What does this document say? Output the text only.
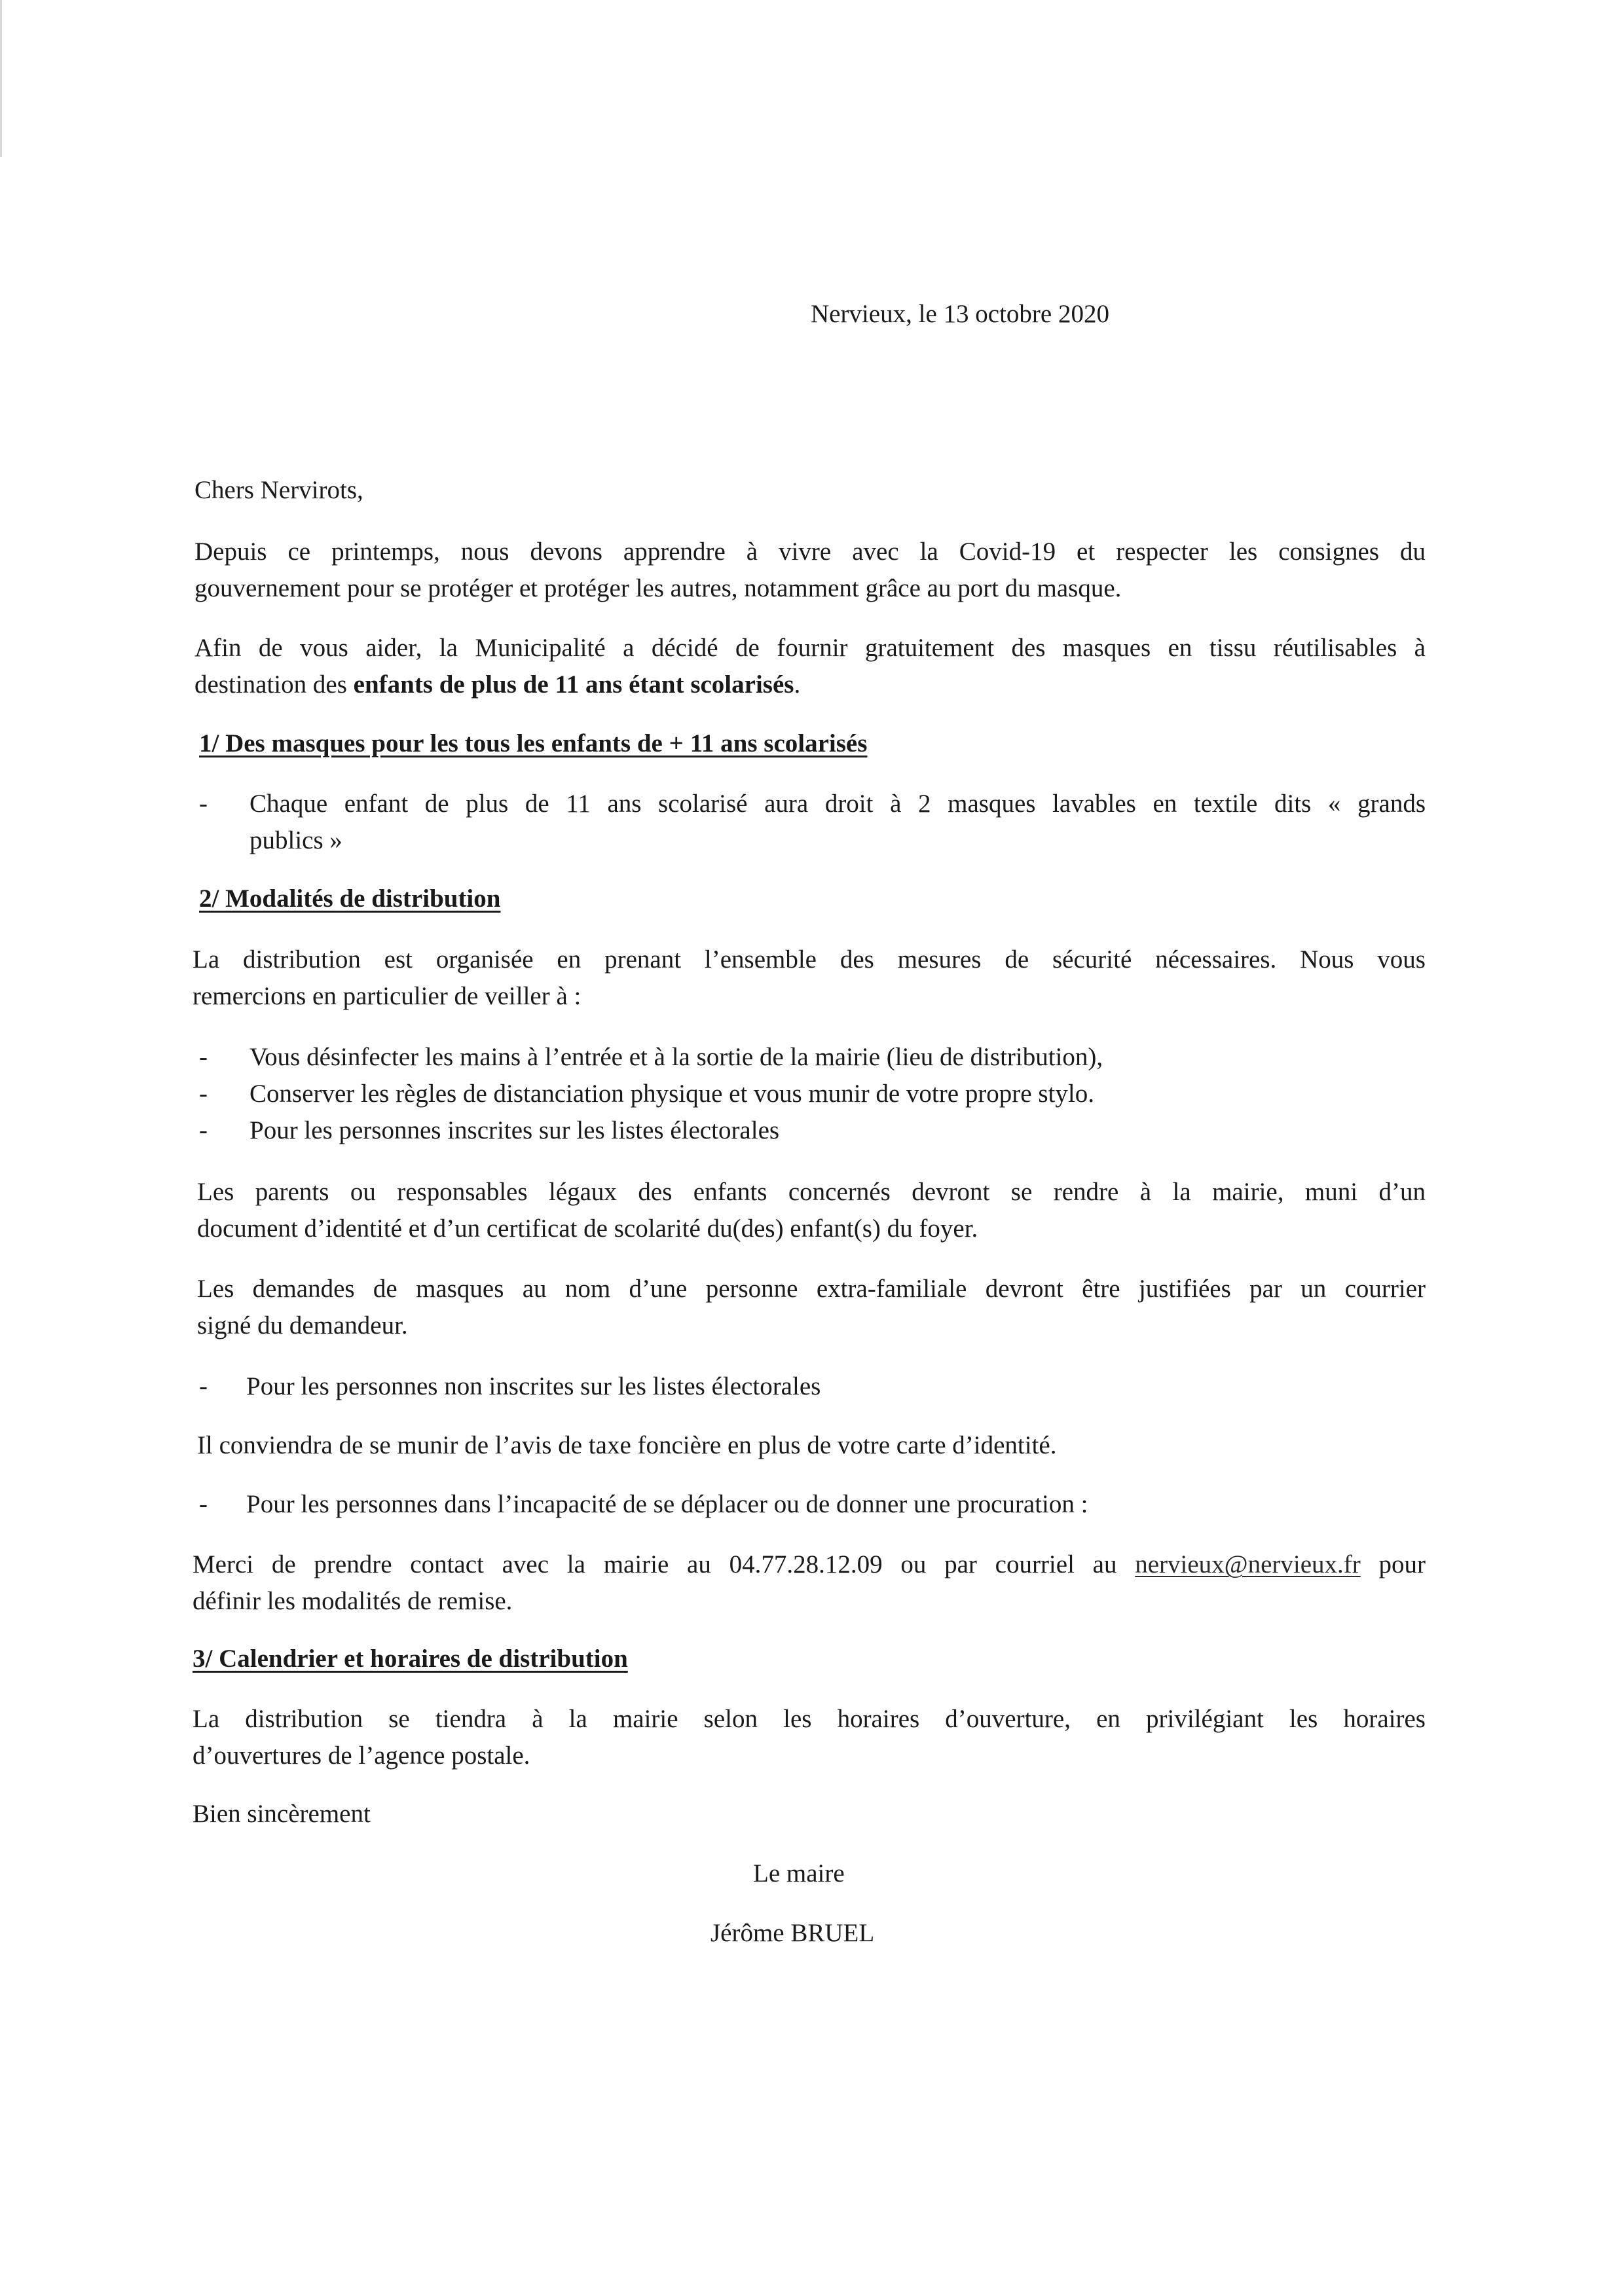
Nervieux, le 13 octobre 2020
Chers Nervirots,
Depuis ce printemps, nous devons apprendre à vivre avec la Covid-19 et respecter les consignes du
gouvernement pour se protéger et protéger les autres, notamment grâce au port du masque.
Afin de vous aider, la Municipalité a décidé de fournir gratuitement des masques en tissu réutilisables à
destination des enfants de plus de 11 ans étant scolarisés.
1/ Des masques pour les tous les enfants de + 11 ans scolarisés
- Chaque enfant de plus de 11 ans scolarisé aura droit à 2 masques lavables en textile dits « grands
publics »
2/ Modalités de distribution
La distribution est organisée en prenant l’ensemble des mesures de sécurité nécessaires. Nous vous
remercions en particulier de veiller à :
- Vous désinfecter les mains à l’entrée et à la sortie de la mairie (lieu de distribution),
- Conserver les règles de distanciation physique et vous munir de votre propre stylo.
- Pour les personnes inscrites sur les listes électorales
Les parents ou responsables légaux des enfants concernés devront se rendre à la mairie, muni d’un
document d’identité et d’un certificat de scolarité du(des) enfant(s) du foyer.
Les demandes de masques au nom d’une personne extra-familiale devront être justifiées par un courrier
signé du demandeur.
- Pour les personnes non inscrites sur les listes électorales
Il conviendra de se munir de l’avis de taxe foncière en plus de votre carte d’identité.
- Pour les personnes dans l’incapacité de se déplacer ou de donner une procuration :
Merci de prendre contact avec la mairie au 04.77.28.12.09 ou par courriel au nervieux@nervieux.fr pour
définir les modalités de remise.
3/ Calendrier et horaires de distribution
La distribution se tiendra à la mairie selon les horaires d’ouverture, en privilégiant les horaires
d’ouvertures de l’agence postale.
Bien sincèrement
Le maire
Jérôme BRUEL
